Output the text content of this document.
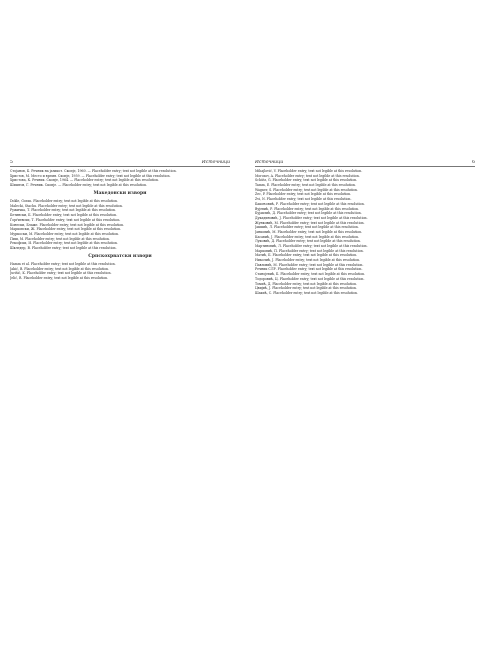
5	Источници

Стојанов, Б. Речник на јазикот. Скопје, 1960. — Placeholder entry; text not legible at this resolution.

Христов, М. Место и время. Скопје, 1959. — Placeholder entry; text not legible at this resolution.

Христова, К. Речник. Скопје, 1964. — Placeholder entry; text not legible at this resolution.

Шиштов, Г. Речник. Скопје. — Placeholder entry; text not legible at this resolution.

Македонски извори

Dokle, Goran. Placeholder entry; text not legible at this resolution.

Malecki, Stachu. Placeholder entry; text not legible at this resolution.

Ружичка, Т. Placeholder entry; text not legible at this resolution.

Бетински, Б. Placeholder entry; text not legible at this resolution.

Ѓорѓиевски, Т. Placeholder entry; text not legible at this resolution.

Конески, Блаже. Placeholder entry; text not legible at this resolution.

Марковски, Ж. Placeholder entry; text not legible at this resolution.

Муркоски, М. Placeholder entry; text not legible at this resolution.

Пиш, М. Placeholder entry; text not legible at this resolution.

Рекофски, И. Placeholder entry; text not legible at this resolution.

Шкледер, В. Placeholder entry; text not legible at this resolution.

Српскохрватски извори

Hamm et al. Placeholder entry; text not legible at this resolution.

Jakić, B. Placeholder entry; text not legible at this resolution.

Jurišić, K. Placeholder entry; text not legible at this resolution.

Jelić, R. Placeholder entry; text not legible at this resolution.

Источници	6

Mihajlović, V. Placeholder entry; text not legible at this resolution.

Morozov, A. Placeholder entry; text not legible at this resolution.

Schütz, G. Placeholder entry; text not legible at this resolution.

Tamm, E. Placeholder entry; text not legible at this resolution.

Wagner, S. Placeholder entry; text not legible at this resolution.

Zec, P. Placeholder entry; text not legible at this resolution.

Zvi, N. Placeholder entry; text not legible at this resolution.

Бакоњовић, Р. Placeholder entry; text not legible at this resolution.

Вујевић, Р. Placeholder entry; text not legible at this resolution.

Бујаклић, Д. Placeholder entry; text not legible at this resolution.

Дукадиновић, Ј. Placeholder entry; text not legible at this resolution.

Жунковић, М. Placeholder entry; text not legible at this resolution.

Јакшић, Л. Placeholder entry; text not legible at this resolution.

Јанковић, М. Placeholder entry; text not legible at this resolution.

Касавић, Ј. Placeholder entry; text not legible at this resolution.

Луковић, Д. Placeholder entry; text not legible at this resolution.

Мартиновић, Л. Placeholder entry; text not legible at this resolution.

Марковић, П. Placeholder entry; text not legible at this resolution.

Матић, Б. Placeholder entry; text not legible at this resolution.

Николић, Ј. Placeholder entry; text not legible at this resolution.

Павловић, М. Placeholder entry; text not legible at this resolution.

Речник СЛР. Placeholder entry; text not legible at this resolution.

Станојевић, Б. Placeholder entry; text not legible at this resolution.

Тодоровић, Ц. Placeholder entry; text not legible at this resolution.

Томић, Д. Placeholder entry; text not legible at this resolution.

Цвијић, Ј. Placeholder entry; text not legible at this resolution.

Шакић, С. Placeholder entry; text not legible at this resolution.
